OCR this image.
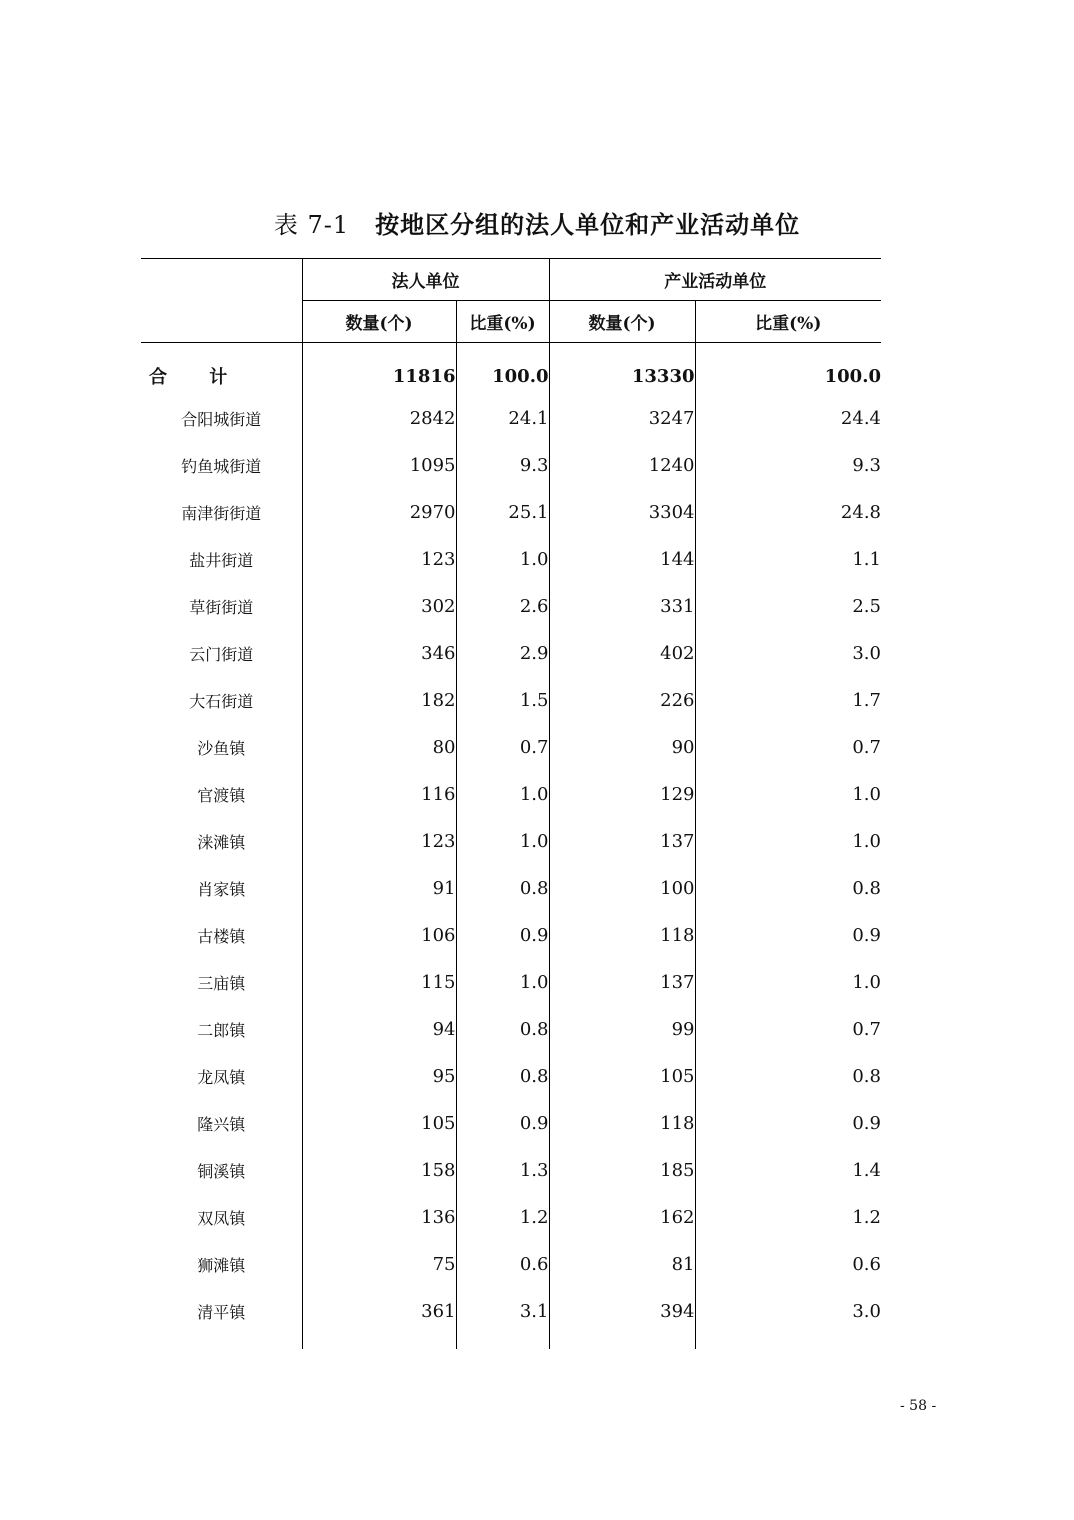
表 7-1 按地区分组的法人单位和产业活动单位
	法人单位		产业活动单位	
	数量(个)	比重(%)	数量(个)	比重(%)

合 计	11816	100.0	13330	100.0
合阳城街道	2842	24.1	3247	24.4
钓鱼城街道	1095	9.3	1240	9.3
南津街街道	2970	25.1	3304	24.8
盐井街道	123	1.0	144	1.1
草街街道	302	2.6	331	2.5
云门街道	346	2.9	402	3.0
大石街道	182	1.5	226	1.7
沙鱼镇	80	0.7	90	0.7
官渡镇	116	1.0	129	1.0
涞滩镇	123	1.0	137	1.0
肖家镇	91	0.8	100	0.8
古楼镇	106	0.9	118	0.9
三庙镇	115	1.0	137	1.0
二郎镇	94	0.8	99	0.7
龙凤镇	95	0.8	105	0.8
隆兴镇	105	0.9	118	0.9
铜溪镇	158	1.3	185	1.4
双凤镇	136	1.2	162	1.2
狮滩镇	75	0.6	81	0.6
清平镇	361	3.1	394	3.0

- 58 -
